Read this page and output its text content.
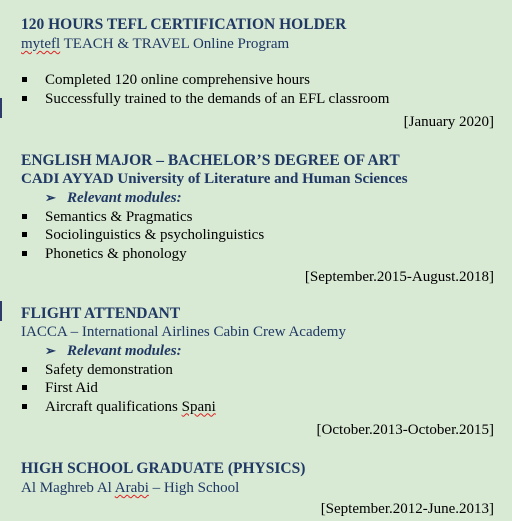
120 HOURS TEFL CERTIFICATION HOLDER

mytefl TEACH & TRAVEL Online Program

Completed 120 online comprehensive hours
Successfully trained to the demands of an EFL classroom

[January 2020]

ENGLISH MAJOR – BACHELOR’S DEGREE OF ART

CADI AYYAD University of Literature and Human Sciences

➢ Relevant modules:

Semantics & Pragmatics
Sociolinguistics & psycholinguistics
Phonetics & phonology

[September.2015-August.2018]

FLIGHT ATTENDANT

IACCA – International Airlines Cabin Crew Academy

➢ Relevant modules:

Safety demonstration
First Aid
Aircraft qualifications Spani

[October.2013-October.2015]

HIGH SCHOOL GRADUATE (PHYSICS)

Al Maghreb Al Arabi – High School

[September.2012-June.2013]
